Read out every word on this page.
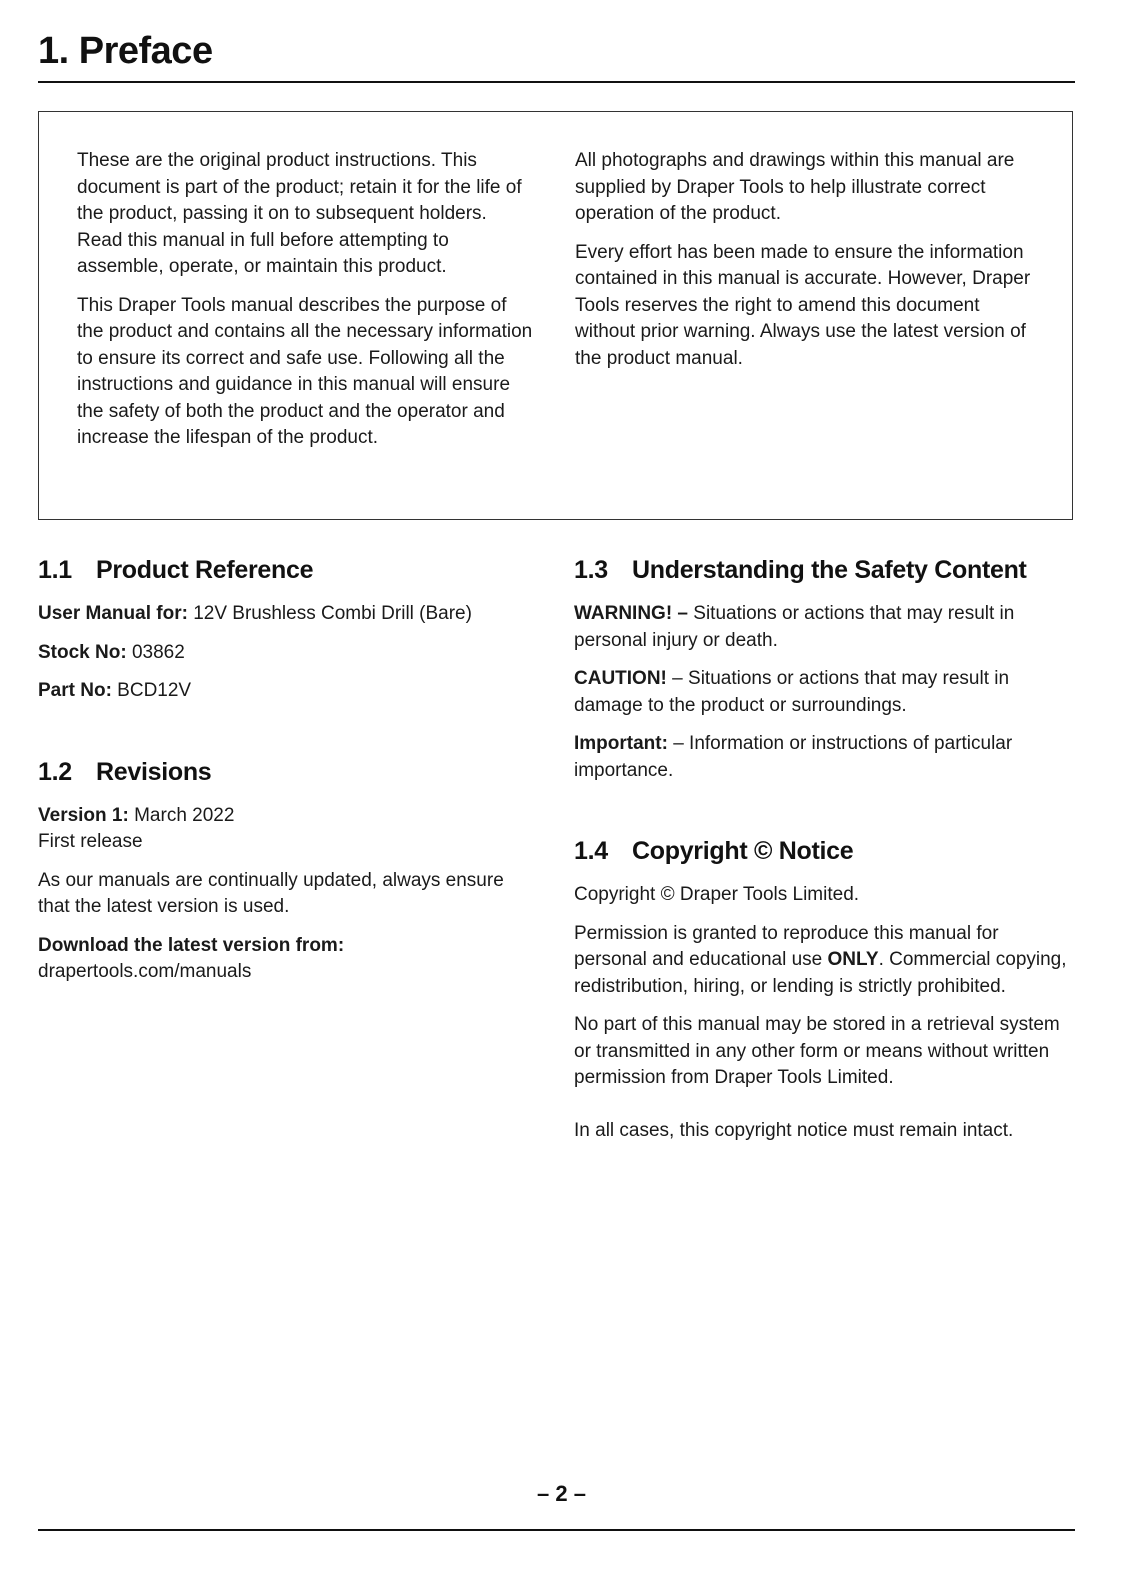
1. Preface

These are the original product instructions. This document is part of the product; retain it for the life of the product, passing it on to subsequent holders. Read this manual in full before attempting to assemble, operate, or maintain this product.

This Draper Tools manual describes the purpose of the product and contains all the necessary information to ensure its correct and safe use. Following all the instructions and guidance in this manual will ensure the safety of both the product and the operator and increase the lifespan of the product.

All photographs and drawings within this manual are supplied by Draper Tools to help illustrate correct operation of the product.

Every effort has been made to ensure the information contained in this manual is accurate. However, Draper Tools reserves the right to amend this document without prior warning. Always use the latest version of the product manual.

1.1 Product Reference

User Manual for: 12V Brushless Combi Drill (Bare)

Stock No: 03862

Part No: BCD12V

1.2 Revisions

Version 1: March 2022
First release

As our manuals are continually updated, always ensure that the latest version is used.

Download the latest version from:
drapertools.com/manuals

1.3 Understanding the Safety Content

WARNING! – Situations or actions that may result in personal injury or death.

CAUTION! – Situations or actions that may result in damage to the product or surroundings.

Important: – Information or instructions of particular importance.

1.4 Copyright © Notice

Copyright © Draper Tools Limited.

Permission is granted to reproduce this manual for personal and educational use ONLY. Commercial copying, redistribution, hiring, or lending is strictly prohibited.

No part of this manual may be stored in a retrieval system or transmitted in any other form or means without written permission from Draper Tools Limited.

In all cases, this copyright notice must remain intact.

– 2 –
